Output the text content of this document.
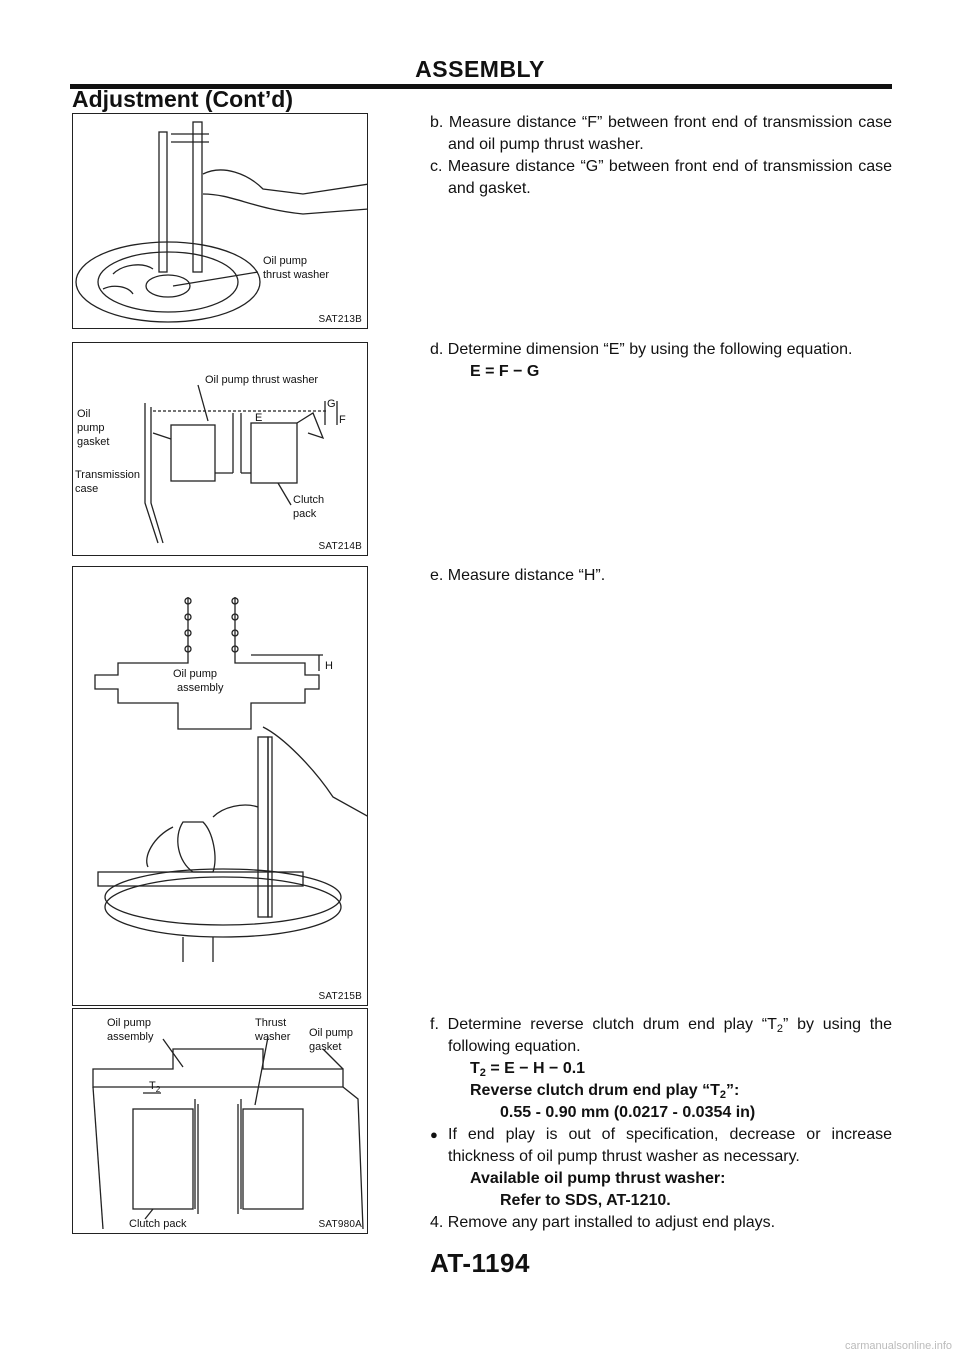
ASSEMBLY
Adjustment (Cont’d)
Oil pump
thrust washer
SAT213B
Oil pump thrust washer
Oil
pump
gasket
Transmission
case
Clutch
pack
G
F
E
SAT214B
Oil pump
assembly
H
SAT215B
Oil pump
assembly
Thrust
washer Oil pump
gasket
$T_2$
Clutch pack	SAT980A

b. Measure distance “F” between front end of transmission case and oil pump thrust washer.

c. Measure distance “G” between front end of transmission case and gasket.

d. Determine dimension “E” by using the following equation.

E = F − G

e. Measure distance “H”.

f. Determine reverse clutch drum end play “$T_2$” by using the following equation.

$T_2 = E - H - 0.1$

Reverse clutch drum end play “$T_2$”:

0.55 - 0.90 mm (0.0217 - 0.0354 in)

● If end play is out of specification, decrease or increase thickness of oil pump thrust washer as necessary.

Available oil pump thrust washer:

Refer to SDS, AT-1210.

4. Remove any part installed to adjust end plays.

AT-1194
carmanualsonline.info
